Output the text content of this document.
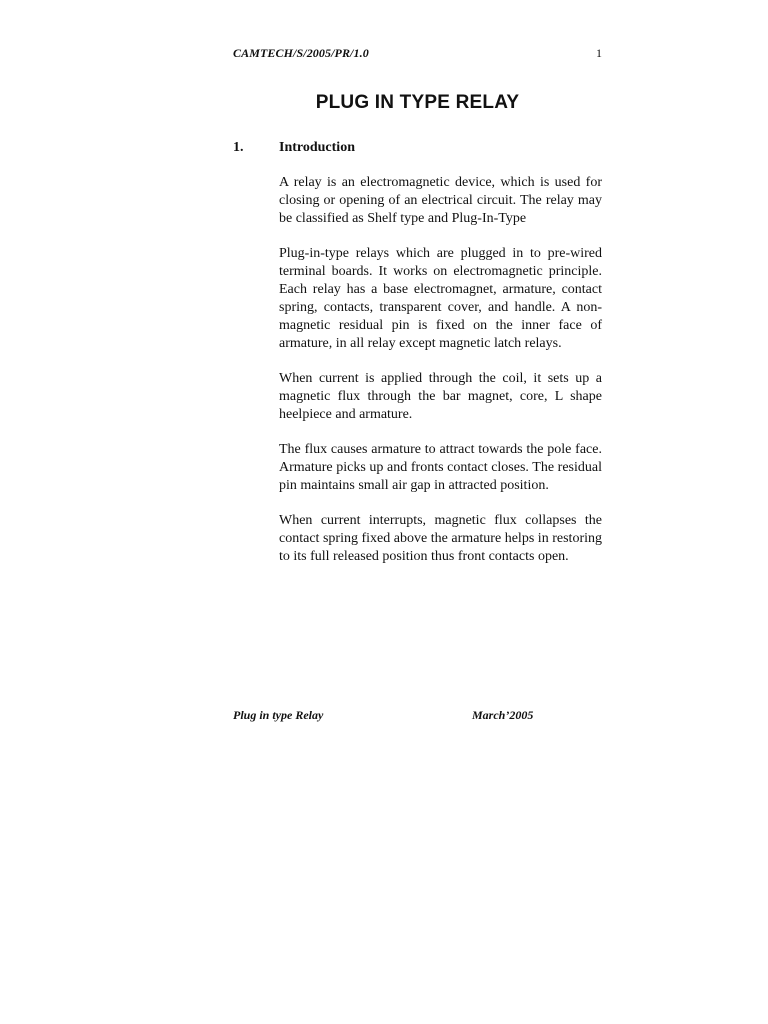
CAMTECH/S/2005/PR/1.0	1
PLUG IN TYPE RELAY
1.	Introduction

A relay is an electromagnetic device, which is used for closing or opening of an electrical circuit. The relay may be classified as Shelf type and Plug-In-Type

Plug-in-type relays which are plugged in to pre-wired terminal boards. It works on electromagnetic principle. Each relay has a base electromagnet, armature, contact spring, contacts, transparent cover, and handle. A non-magnetic residual pin is fixed on the inner face of armature, in all relay except magnetic latch relays.

When current is applied through the coil, it sets up a magnetic flux through the bar magnet, core, L shape heelpiece and armature.

The flux causes armature to attract towards the pole face. Armature picks up and fronts contact closes. The residual pin maintains small air gap in attracted position.

When current interrupts, magnetic flux collapses the contact spring fixed above the armature helps in restoring to its full released position thus front contacts open.

Plug in type Relay	March’2005
